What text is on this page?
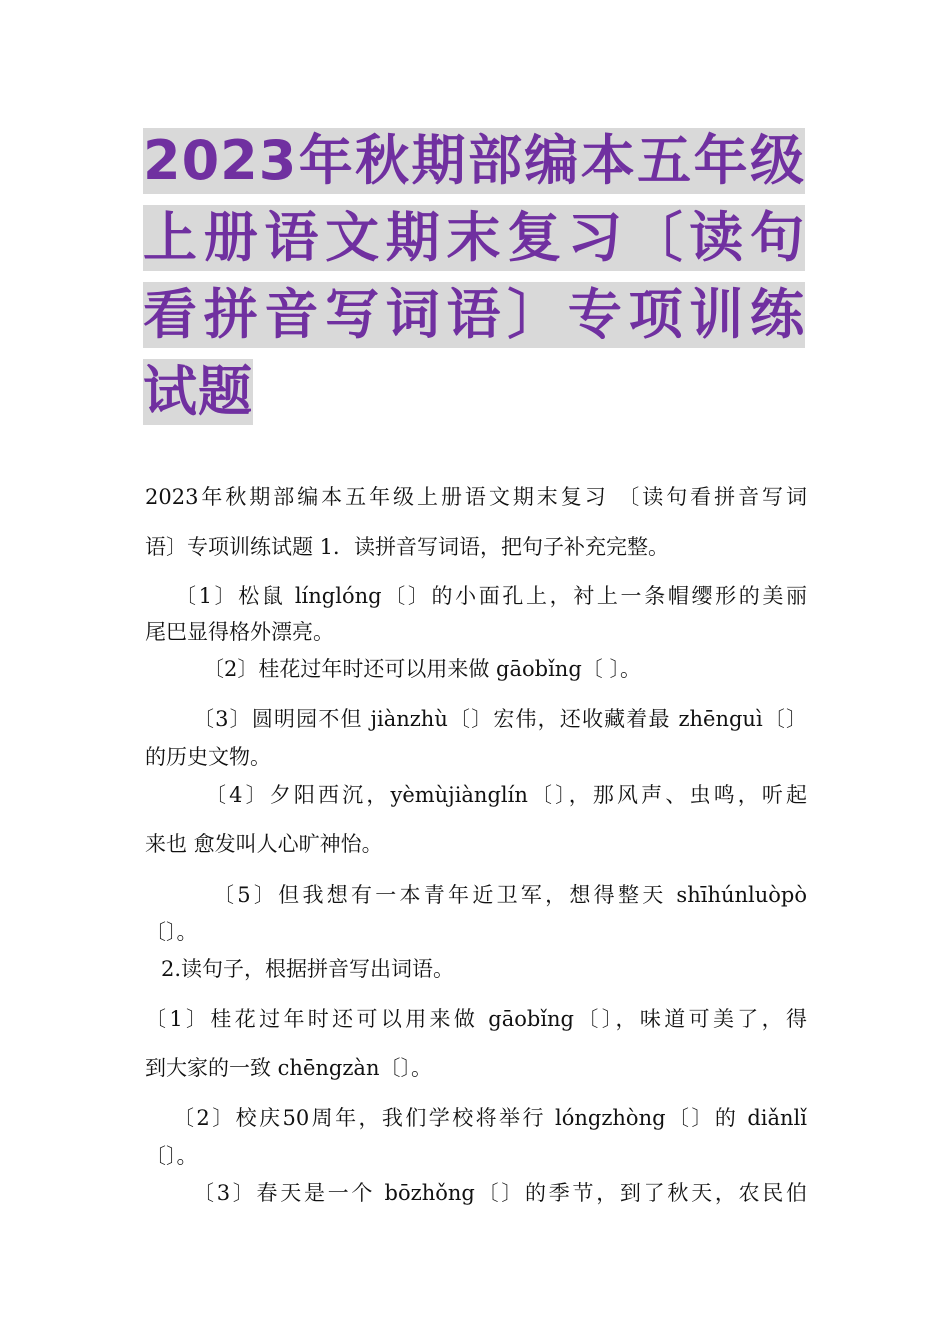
2023年秋期部编本五年级
上册语文期末复习〔读句
看拼音写词语〕专项训练
试题
2023年秋期部编本五年级上册语文期末复习 〔读句看拼音写词
语〕专项训练试题 1．读拼音写词语，把句子补充完整。
〔1〕松鼠 línglóng〔〕的小面孔上，衬上一条帽缨形的美丽
尾巴显得格外漂亮。
〔2〕桂花过年时还可以用来做 gāobǐng〔 〕。
〔3〕圆明园不但 jiànzhù〔〕宏伟，还收藏着最 zhēnguì〔〕
的历史文物。
〔4〕夕阳西沉，yèmùjiànglín〔〕，那风声、虫鸣，听起
来也 愈发叫人心旷神怡。
〔5〕但我想有一本青年近卫军，想得整天 shīhúnluòpò
〔〕。
2.读句子，根据拼音写出词语。
〔1〕桂花过年时还可以用来做 gāobǐng〔〕，味道可美了，得
到大家的一致 chēngzàn〔〕。
〔2〕校庆50周年，我们学校将举行 lóngzhòng〔〕的 diǎnlǐ
〔〕。
〔3〕春天是一个 bōzhǒng〔〕的季节，到了秋天，农民伯
